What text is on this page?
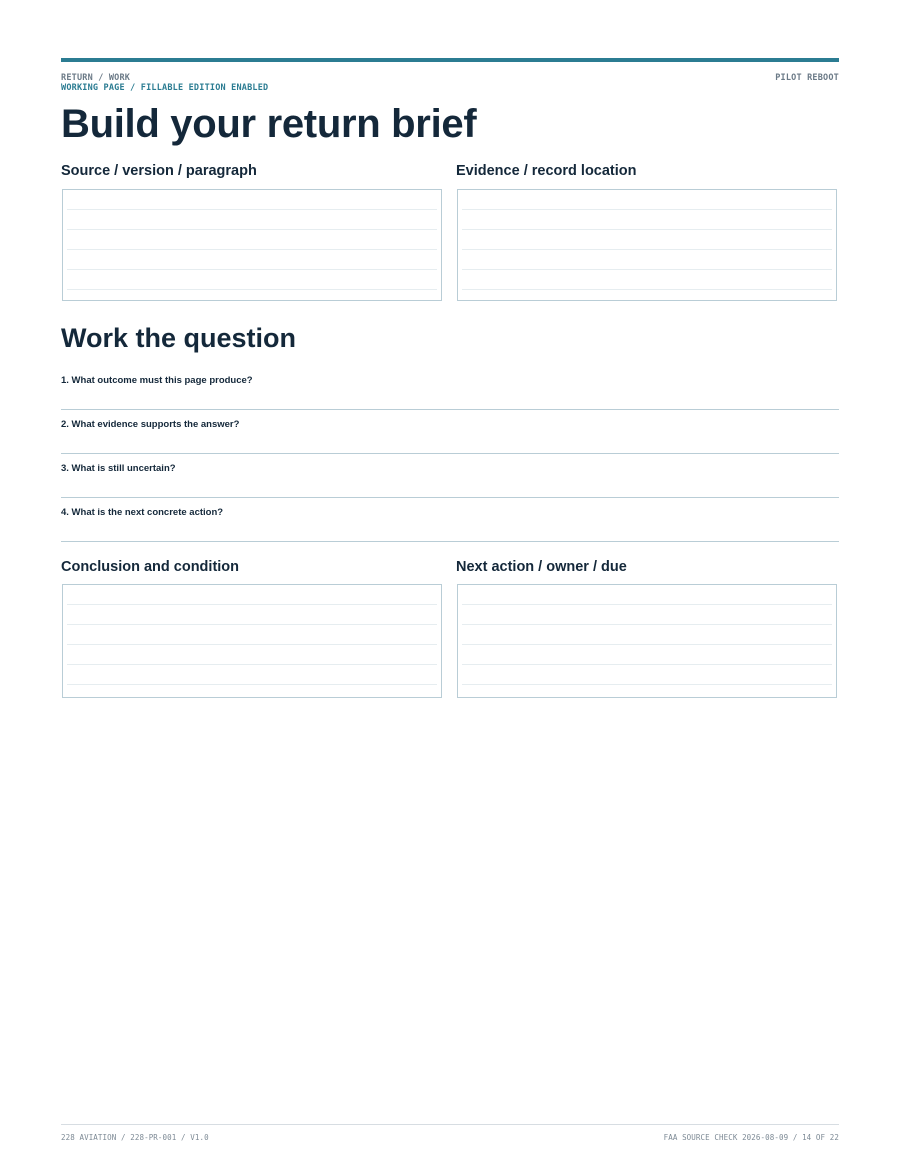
RETURN / WORK
WORKING PAGE / FILLABLE EDITION ENABLED
PILOT REBOOT
Build your return brief
Source / version / paragraph	Evidence / record location
Work the question
1. What outcome must this page produce?
2. What evidence supports the answer?
3. What is still uncertain?
4. What is the next concrete action?
Conclusion and condition	Next action / owner / due
228 AVIATION / 228-PR-001 / V1.0	FAA SOURCE CHECK 2026-08-09 / 14 OF 22
